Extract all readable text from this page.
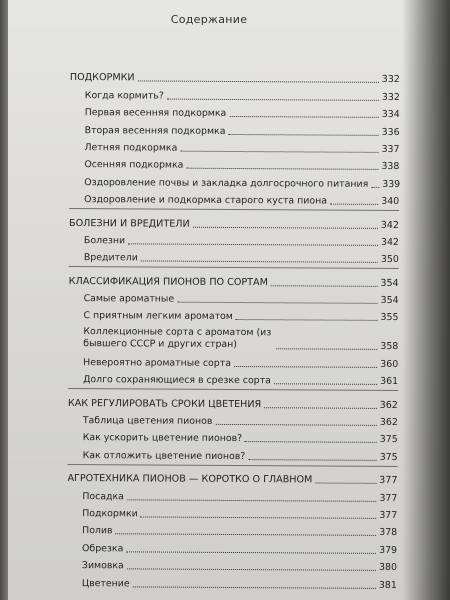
Содержание
ПОДКОРМКИ	332
Когда кормить?	332
Первая весенняя подкормка	334
Вторая весенняя подкормка	336
Летняя подкормка	337
Осенняя подкормка	338
Оздоровление почвы и закладка долгосрочного питания 339
Оздоровление и подкормка старого куста пиона	340
БОЛЕЗНИ И ВРЕДИТЕЛИ	342
Болезни	342
Вредители	350
КЛАССИФИКАЦИЯ ПИОНОВ ПО СОРТАМ	354
Самые ароматные	354
С приятным легким ароматом	355
Коллекционные сорта с ароматом (из бывшего СССР и других стран)	358
Невероятно ароматные сорта	360
Долго сохраняющиеся в срезке сорта	361
КАК РЕГУЛИРОВАТЬ СРОКИ ЦВЕТЕНИЯ	362
Таблица цветения пионов	362
Как ускорить цветение пионов?	375
Как отложить цветение пионов?	375
АГРОТЕХНИКА ПИОНОВ — КОРОТКО О ГЛАВНОМ	377
Посадка	377
Подкормки	377
Полив	378
Обрезка	379
Зимовка	380
Цветение	381
